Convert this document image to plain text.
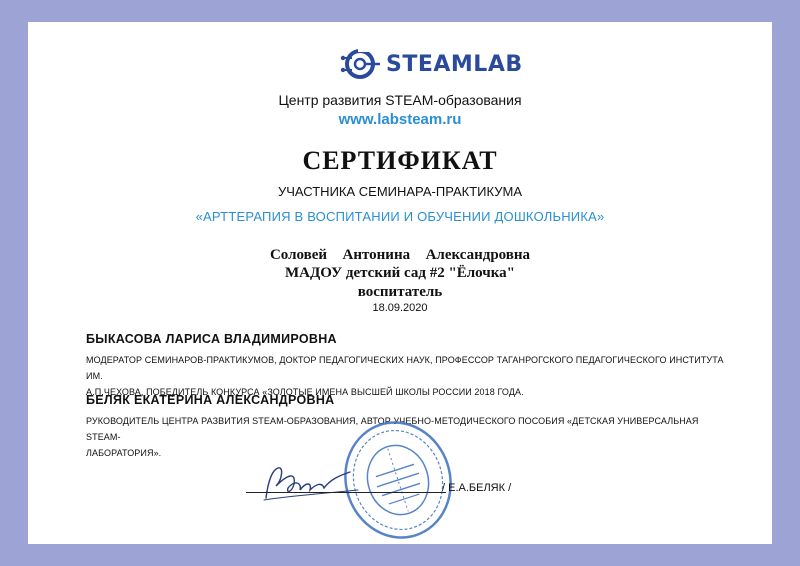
STEAMLAB
Центр развития STEAM-образования
www.labsteam.ru
СЕРТИФИКАТ
УЧАСТНИКА СЕМИНАРА-ПРАКТИКУМА
«АРТТЕРАПИЯ В ВОСПИТАНИИ И ОБУЧЕНИИ ДОШКОЛЬНИКА»
Соловей  Антонина  Александровна
МАДОУ детский сад #2 "Ёлочка"
воспитатель
18.09.2020
БЫКАСОВА ЛАРИСА ВЛАДИМИРОВНА
МОДЕРАТОР СЕМИНАРОВ-ПРАКТИКУМОВ, ДОКТОР ПЕДАГОГИЧЕСКИХ НАУК, ПРОФЕССОР ТАГАНРОГСКОГО ПЕДАГОГИЧЕСКОГО ИНСТИТУТА ИМ.
А.П.ЧЕХОВА, ПОБЕДИТЕЛЬ КОНКУРСА «ЗОЛОТЫЕ ИМЕНА ВЫСШЕЙ ШКОЛЫ РОССИИ 2018 ГОДА.
БЕЛЯК ЕКАТЕРИНА АЛЕКСАНДРОВНА
РУКОВОДИТЕЛЬ ЦЕНТРА РАЗВИТИЯ STEAM-ОБРАЗОВАНИЯ, АВТОР УЧЕБНО-МЕТОДИЧЕСКОГО ПОСОБИЯ «ДЕТСКАЯ УНИВЕРСАЛЬНАЯ STEAM-
ЛАБОРАТОРИЯ».
/ Е.А.БЕЛЯК /
